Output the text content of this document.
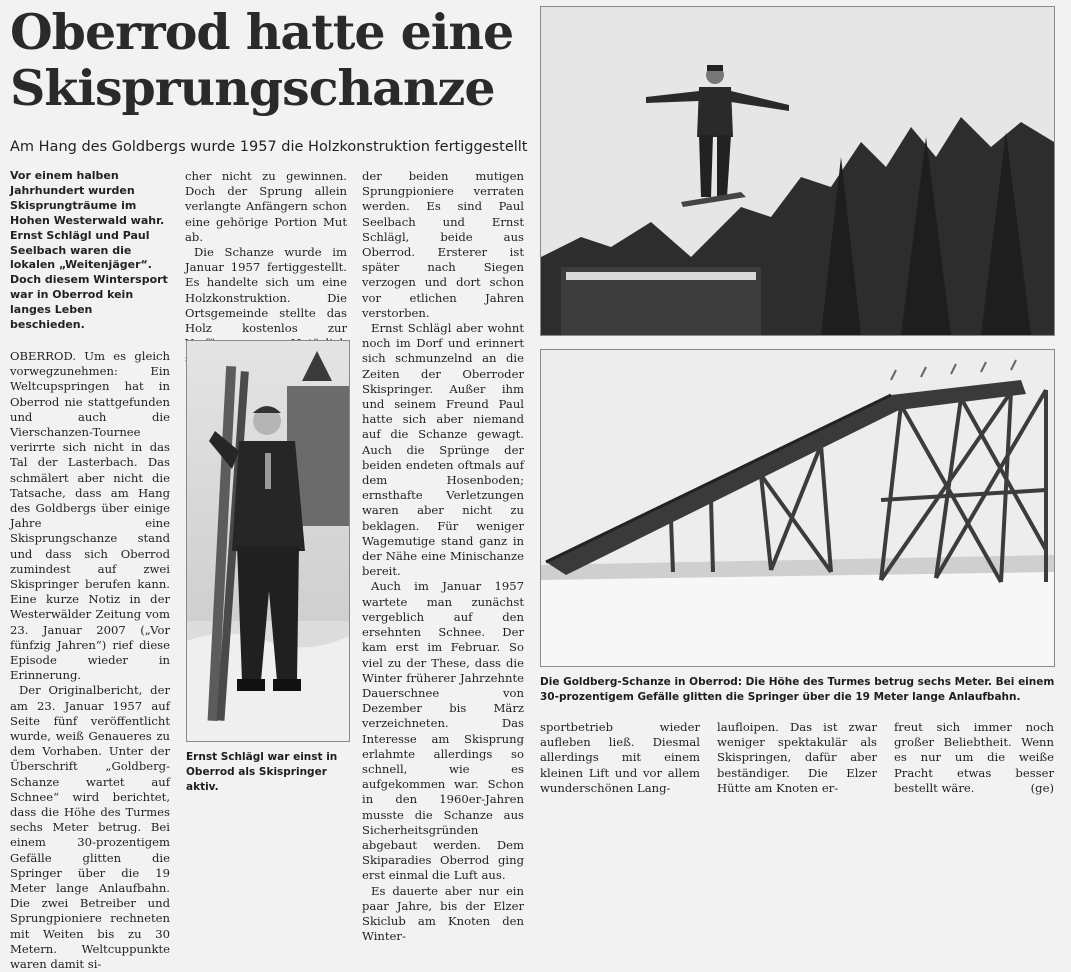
Oberrod hatte eine
Skisprungschanze

Am Hang des Goldbergs wurde 1957 die Holzkonstruktion fertiggestellt

Vor einem halben Jahrhundert wurden Skisprungträume im Hohen Westerwald wahr. Ernst Schlägl und Paul Seelbach waren die lokalen „Weitenjäger“. Doch diesem Wintersport war in Oberrod kein langes Leben beschieden.

OBERROD. Um es gleich vorwegzunehmen: Ein Weltcupspringen hat in Oberrod nie stattgefunden und auch die Vierschanzen-Tournee verirrte sich nicht in das Tal der Lasterbach. Das schmälert aber nicht die Tatsache, dass am Hang des Goldbergs über einige Jahre eine Skisprungschanze stand und dass sich Oberrod zumindest auf zwei Skispringer berufen kann. Eine kurze Notiz in der Westerwälder Zeitung vom 23. Januar 2007 („Vor fünfzig Jahren“) rief diese Episode wieder in Erinnerung.

Der Originalbericht, der am 23. Januar 1957 auf Seite fünf veröffentlicht wurde, weiß Genaueres zu dem Vorhaben. Unter der Überschrift „Goldberg-Schanze wartet auf Schnee“ wird berichtet, dass die Höhe des Turmes sechs Meter betrug. Bei einem 30-prozentigem Gefälle glitten die Springer über die 19 Meter lange Anlaufbahn. Die zwei Betreiber und Sprungpioniere rechneten mit Weiten bis zu 30 Metern. Weltcuppunkte waren damit si-

cher nicht zu gewinnen. Doch der Sprung allein verlangte Anfängern schon eine gehörige Portion Mut ab.

Die Schanze wurde im Januar 1957 fertiggestellt. Es handelte sich um eine Holzkonstruktion. Die Ortsgemeinde stellte das Holz kostenlos zur

Ernst Schlägl war einst in Oberrod als Skispringer aktiv.

der beiden mutigen Sprungpioniere verraten werden. Es sind Paul Seelbach und Ernst Schlägl, beide aus Oberrod. Ersterer ist später nach Siegen verzogen und dort schon vor etlichen Jahren verstorben.

Ernst Schlägl aber wohnt noch im Dorf und erinnert sich schmunzelnd an die Zeiten der Oberroder Skispringer. Außer ihm und seinem Freund Paul hatte sich aber niemand auf die Schanze gewagt. Auch die Sprünge der beiden endeten oftmals auf dem Hosenboden; ernsthafte Verletzungen waren aber nicht zu beklagen. Für weniger Wagemutige stand ganz in der Nähe eine Minischanze bereit.

Auch im Januar 1957 wartete man zunächst vergeblich auf den ersehnten Schnee. Der kam erst im Februar. So viel zu der These, dass die Winter früherer Jahrzehnte Dauerschnee von Dezember bis März verzeichneten. Das Interesse am Skisprung erlahmte allerdings so schnell, wie es aufgekommen war. Schon in den 1960er-Jahren musste die Schanze aus Sicherheitsgründen abgebaut werden. Dem Skiparadies Oberrod ging erst einmal die Luft aus.

Es dauerte aber nur ein paar Jahre, bis der Elzer Skiclub am Knoten den Winter-

Die Goldberg-Schanze in Oberrod: Die Höhe des Turmes betrug sechs Meter. Bei einem 30-prozentigem Gefälle glitten die Springer über die 19 Meter lange Anlaufbahn.

sportbetrieb wieder aufleben ließ. Diesmal allerdings mit einem kleinen Lift und vor allem wunderschönen Lang-

laufloipen. Das ist zwar weniger spektakulär als Skispringen, dafür aber beständiger. Die Elzer Hütte am Knoten er-

freut sich immer noch großer Beliebtheit. Wenn es nur um die weiße Pracht etwas besser bestellt wäre.	(ge)
